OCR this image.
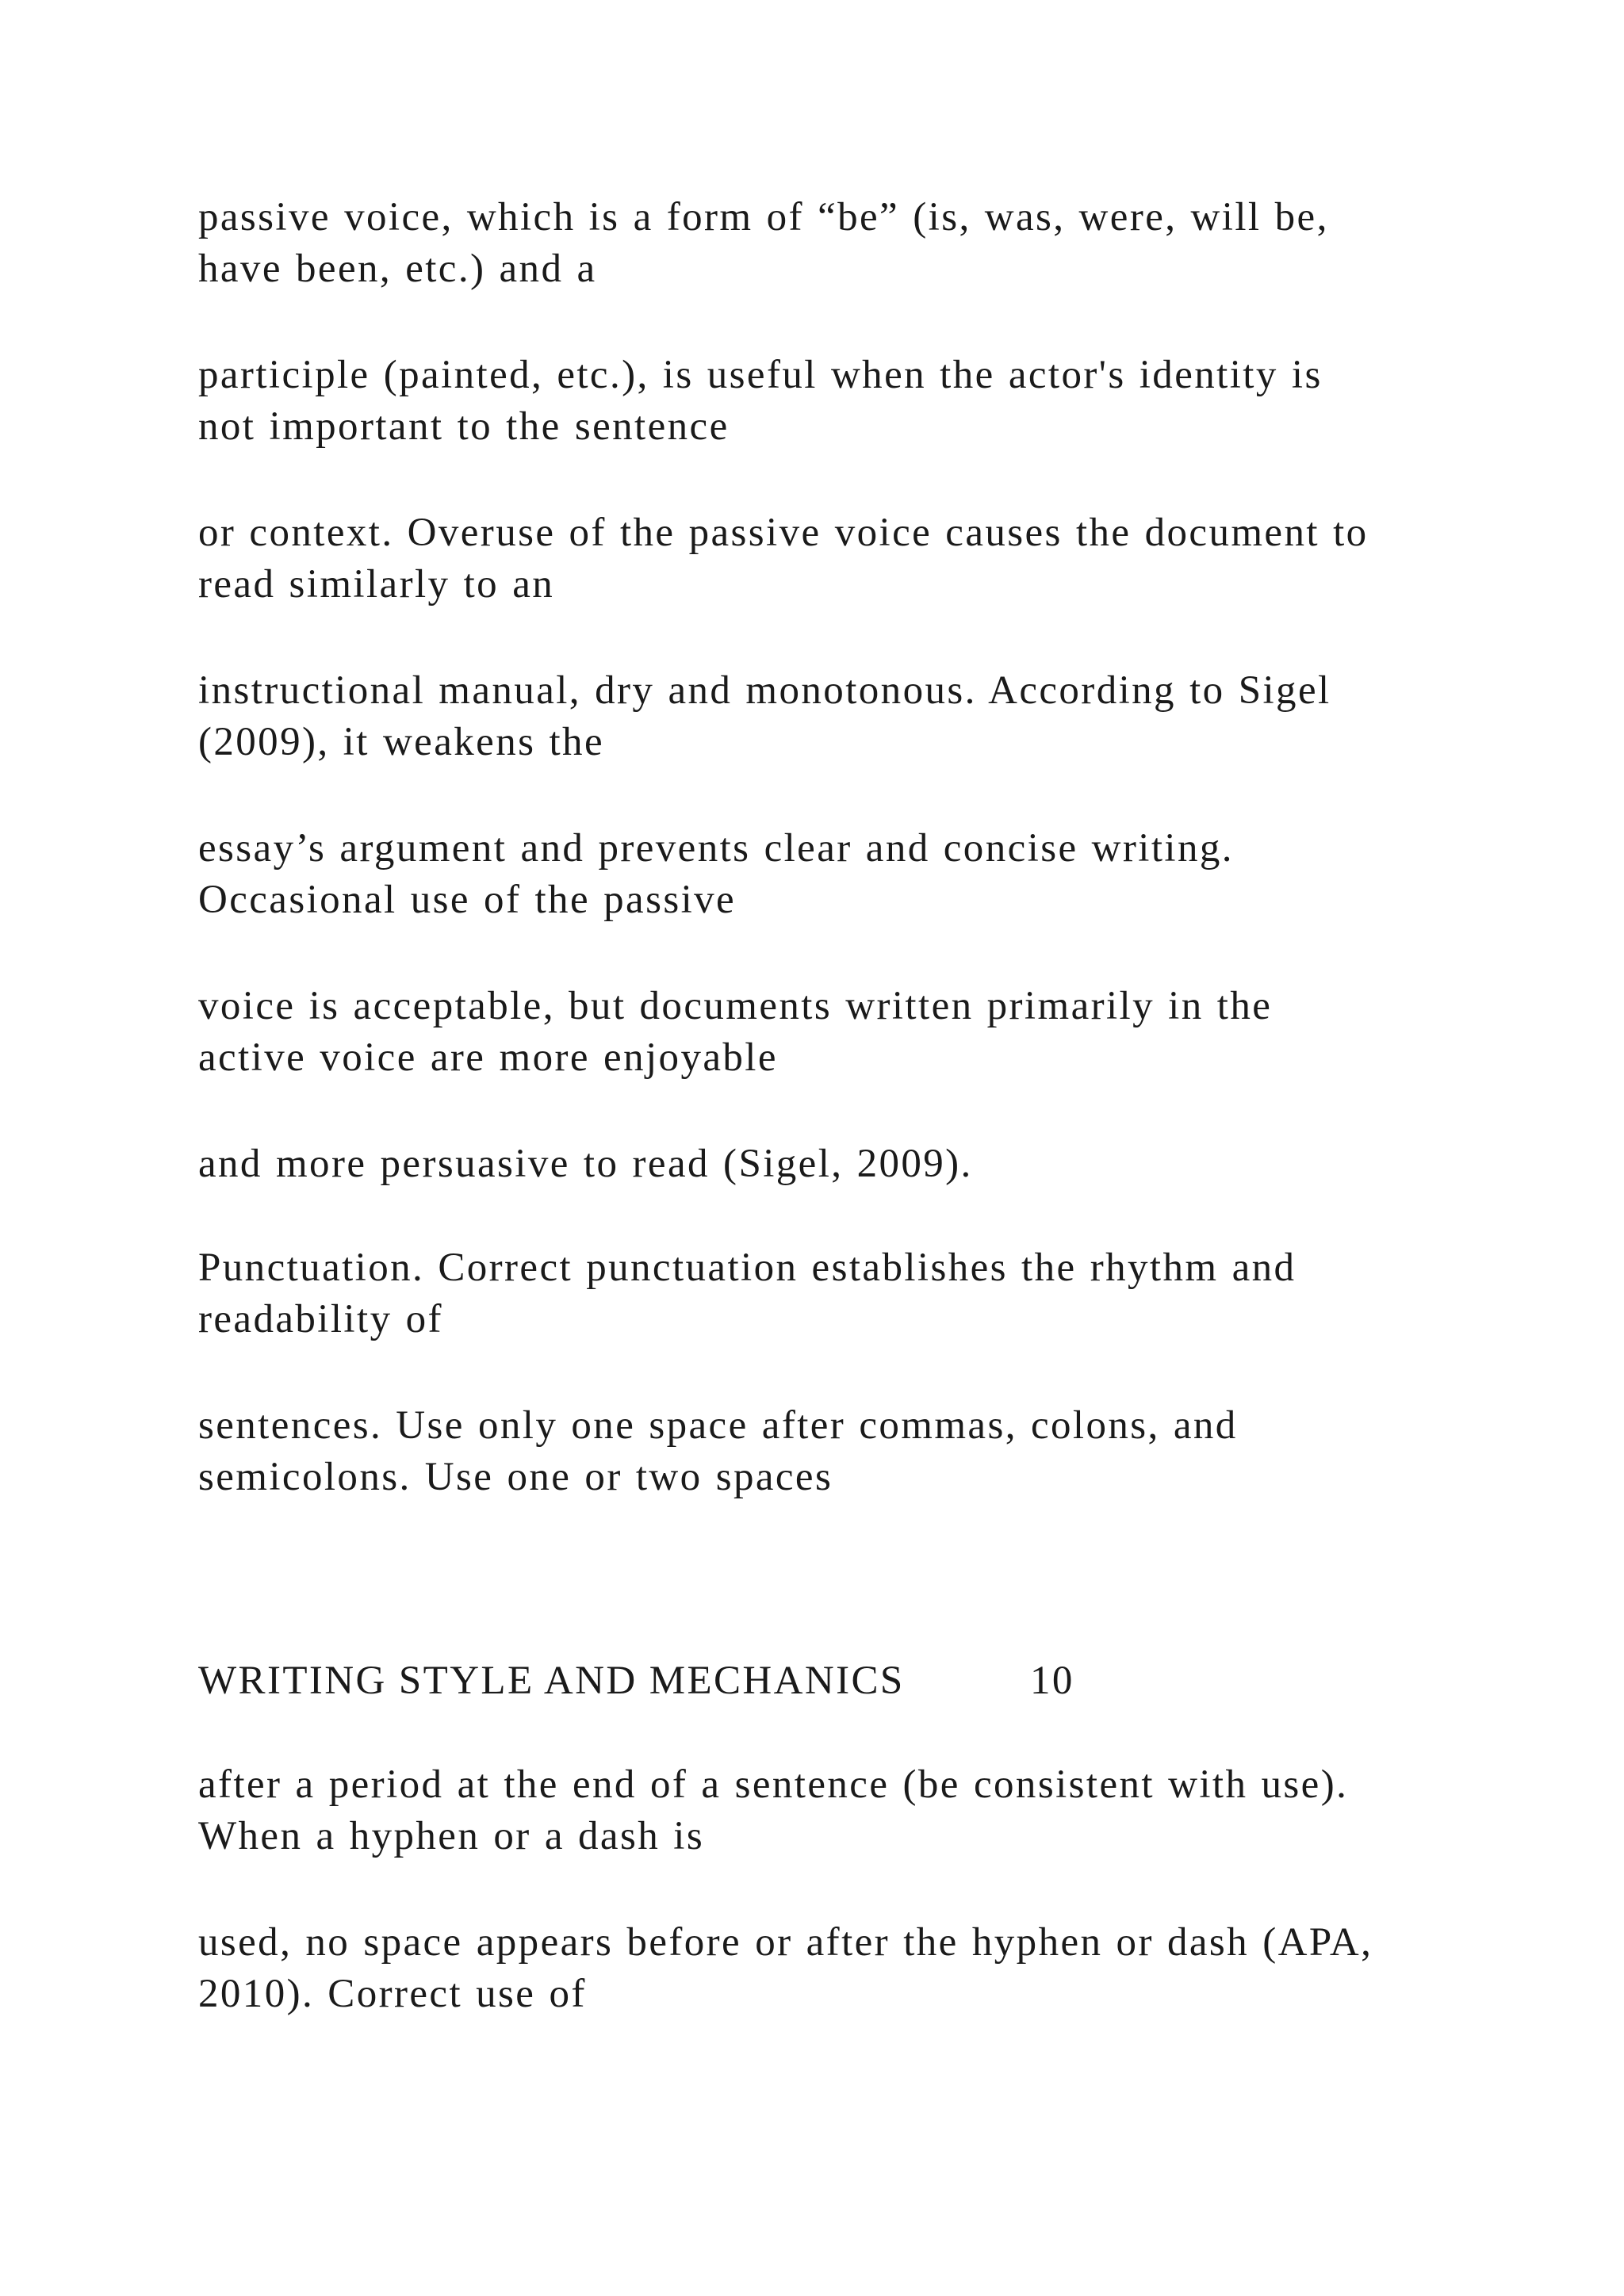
passive voice, which is a form of “be” (is, was, were, will be,
have been, etc.) and a

participle (painted, etc.), is useful when the actor's identity is
not important to the sentence

or context. Overuse of the passive voice causes the document to
read similarly to an

instructional manual, dry and monotonous. According to Sigel
(2009), it weakens the

essay’s argument and prevents clear and concise writing.
Occasional use of the passive

voice is acceptable, but documents written primarily in the
active voice are more enjoyable

and more persuasive to read (Sigel, 2009).

Punctuation. Correct punctuation establishes the rhythm and
readability of

sentences. Use only one space after commas, colons, and
semicolons. Use one or two spaces

WRITING STYLE AND MECHANICS	10

after a period at the end of a sentence (be consistent with use).
When a hyphen or a dash is

used, no space appears before or after the hyphen or dash (APA,
2010). Correct use of
